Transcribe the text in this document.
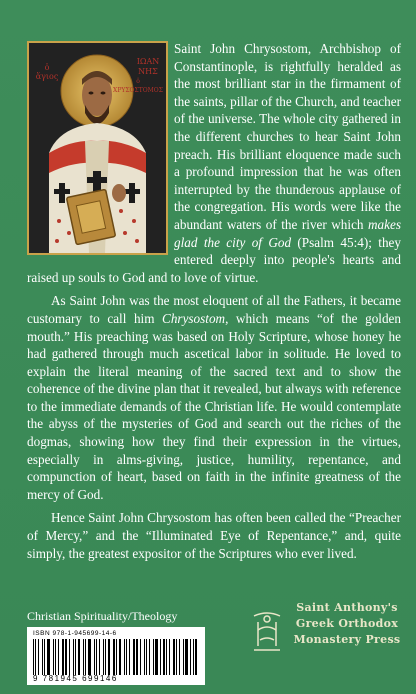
ὁ ἅγιος
ΙΩΑΝ
ΝΗΣ
ὁ ΧΡΥΣΟΣΤΟΜΟΣ

Saint John Chrysostom, Archbishop of Constantinople, is rightfully heralded as the most brilliant star in the firmament of the saints, pillar of the Church, and teacher of the universe. The whole city gathered in the different churches to hear Saint John preach. His brilliant eloquence made such a profound impression that he was often interrupted by the thunderous applause of the congregation. His words were like the abundant waters of the river which makes glad the city of God (Psalm 45:4); they entered deeply into people's hearts and raised up souls to God and to love of virtue.

As Saint John was the most eloquent of all the Fathers, it became customary to call him Chrysostom, which means “of the golden mouth.” His preaching was based on Holy Scripture, whose honey he had gathered through much ascetical labor in solitude. He loved to explain the literal meaning of the sacred text and to show the coherence of the divine plan that it revealed, but always with reference to the immediate demands of the Christian life. He would contemplate the abyss of the mysteries of God and search out the riches of the dogmas, showing how they find their expression in the virtues, especially in alms-giving, justice, humility, repentance, and compunction of heart, based on faith in the infinite greatness of the mercy of God.

Hence Saint John Chrysostom has often been called the “Preacher of Mercy,” and the “Illuminated Eye of Repentance,” and, quite simply, the greatest expositor of the Scriptures who ever lived.

Christian Spirituality/Theology
ISBN 978-1-945699-14-6
9 781945 699146
Saint Anthony's
Greek Orthodox
Monastery Press
